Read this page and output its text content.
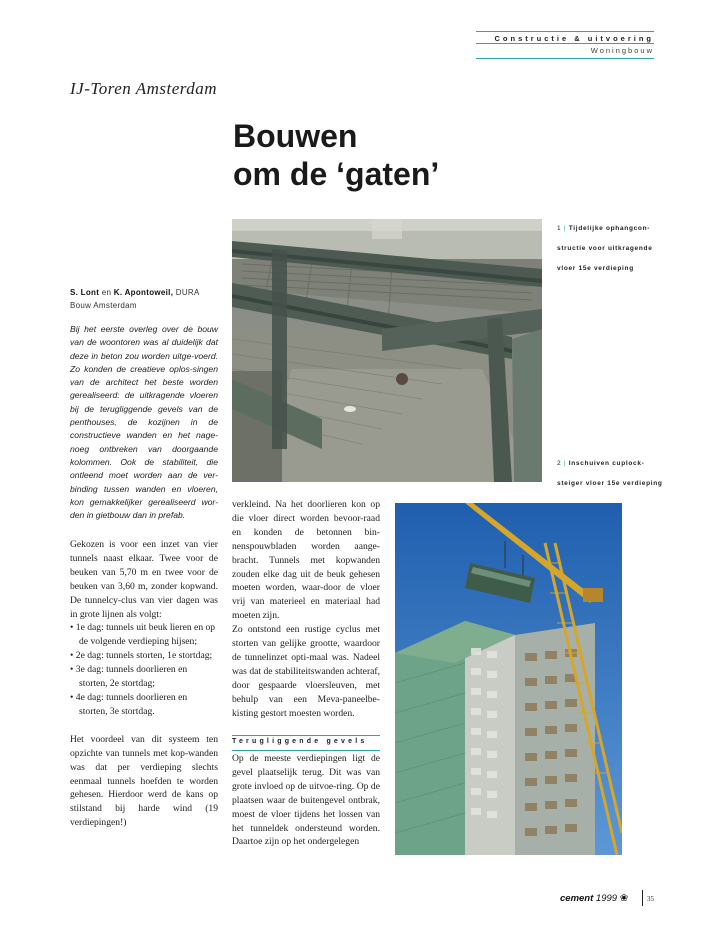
Constructie & uitvoering
Woningbouw
IJ-Toren Amsterdam
Bouwen
om de ‘gaten’
1 | Tijdelijke ophangcon-
structie voor uitkragende
vloer 15e verdieping
2 | Inschuiven cuplock-
steiger vloer 15e verdieping
S. Lont en K. Apontoweil, DURA
Bouw Amsterdam
Bij het eerste overleg over de bouw van de woontoren was al duidelijk dat deze in beton zou worden uitge-voerd. Zo konden de creatieve oplos-singen van de architect het beste worden gerealiseerd: de uitkragende vloeren bij de terugliggende gevels van de penthouses, de kozijnen in de constructieve wanden en het nage-noeg ontbreken van doorgaande kolommen. Ook de stabiliteit, die ontleend moet worden aan de ver-binding tussen wanden en vloeren, kon gemakkelijker gerealiseerd wor-den in gietbouw dan in prefab.

Gekozen is voor een inzet van vier tunnels naast elkaar. Twee voor de beuken van 5,70 m en twee voor de beuken van 3,60 m, zonder kopwand. De tunnelcy-clus van vier dagen was in grote lijnen als volgt:

• 1e dag: tunnels uit beuk lieren en op de volgende verdieping hijsen;
• 2e dag: tunnels storten, 1e stortdag;
• 3e dag: tunnels doorlieren en storten, 2e stortdag;
• 4e dag: tunnels doorlieren en storten, 3e stortdag.

Het voordeel van dit systeem ten opzichte van tunnels met kop-wanden was dat per verdieping slechts eenmaal tunnels hoefden te worden gehesen. Hierdoor werd de kans op stilstand bij harde wind (19 verdiepingen!)

verkleind. Na het doorlieren kon op die vloer direct worden bevoor-raad en konden de betonnen bin-nenspouwbladen worden aange-bracht. Tunnels met kopwanden zouden elke dag uit de beuk gehesen moeten worden, waar-door de vloer vrij van materieel en materiaal had moeten zijn.

Zo ontstond een rustige cyclus met storten van gelijke grootte, waardoor de tunnelinzet opti-maal was. Nadeel was dat de stabiliteitswanden achteraf, door gespaarde vloersleuven, met behulp van een Meva-paneelbe-kisting gestort moesten worden.

Terugliggende gevels

Op de meeste verdiepingen ligt de gevel plaatselijk terug. Dit was van grote invloed op de uitvoe-ring. Op de plaatsen waar de buitengevel ontbrak, moest de vloer tijdens het lossen van het tunneldek ondersteund worden. Daartoe zijn op het ondergelegen

cement 1999 ❀	35
